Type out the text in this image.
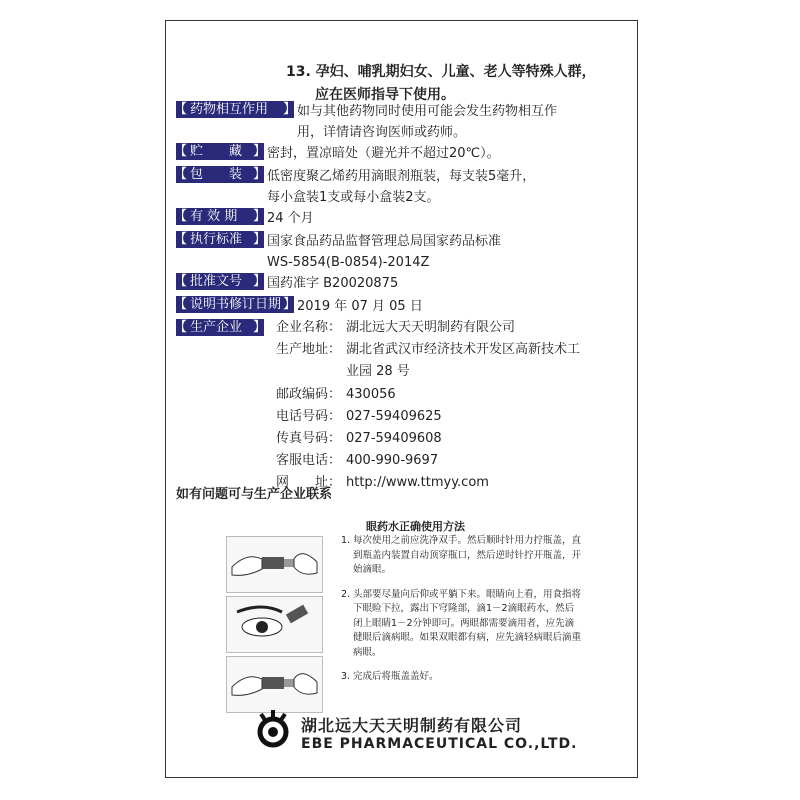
13. 孕妇、哺乳期妇女、儿童、老人等特殊人群，
应在医师指导下使用。
【 药物相互作用 】	如与其他药物同时使用可能会发生药物相互作
用，详情请咨询医师或药师。
【 贮　　藏 】	密封，置凉暗处（避光并不超过20℃）。
【 包　　装 】	低密度聚乙烯药用滴眼剂瓶装，每支装5毫升，
每小盒装1支或每小盒装2支。
【 有 效 期 】	24 个月
【 执行标准 】	国家食品药品监督管理总局国家药品标准
WS-5854(B-0854)-2014Z
【 批准文号 】	国药准字 B20020875
【 说明书修订日期 】	2019 年 07 月 05 日
【 生产企业 】	企业名称： 湖北远大天天明制药有限公司
生产地址： 湖北省武汉市经济技术开发区高新技术工
业园 28 号
邮政编码： 430056
电话号码： 027-59409625
传真号码： 027-59409608
客服电话： 400-990-9697
网　　址： http://www.ttmyy.com
如有问题可与生产企业联系
眼药水正确使用方法
1. 每次使用之前应洗净双手。然后顺时针用力拧瓶盖，直到瓶盖内装置自动顶穿瓶口，然后逆时针拧开瓶盖，开始滴眼。
2. 头部要尽量向后仰或平躺下来。眼睛向上看，用食指将下眼睑下拉，露出下穹隆部，滴1－2滴眼药水，然后闭上眼睛1－2分钟即可。两眼都需要滴用者，应先滴健眼后滴病眼。如果双眼都有病，应先滴轻病眼后滴重病眼。
3. 完成后将瓶盖盖好。
湖北远大天天明制药有限公司
EBE PHARMACEUTICAL CO.,LTD.
